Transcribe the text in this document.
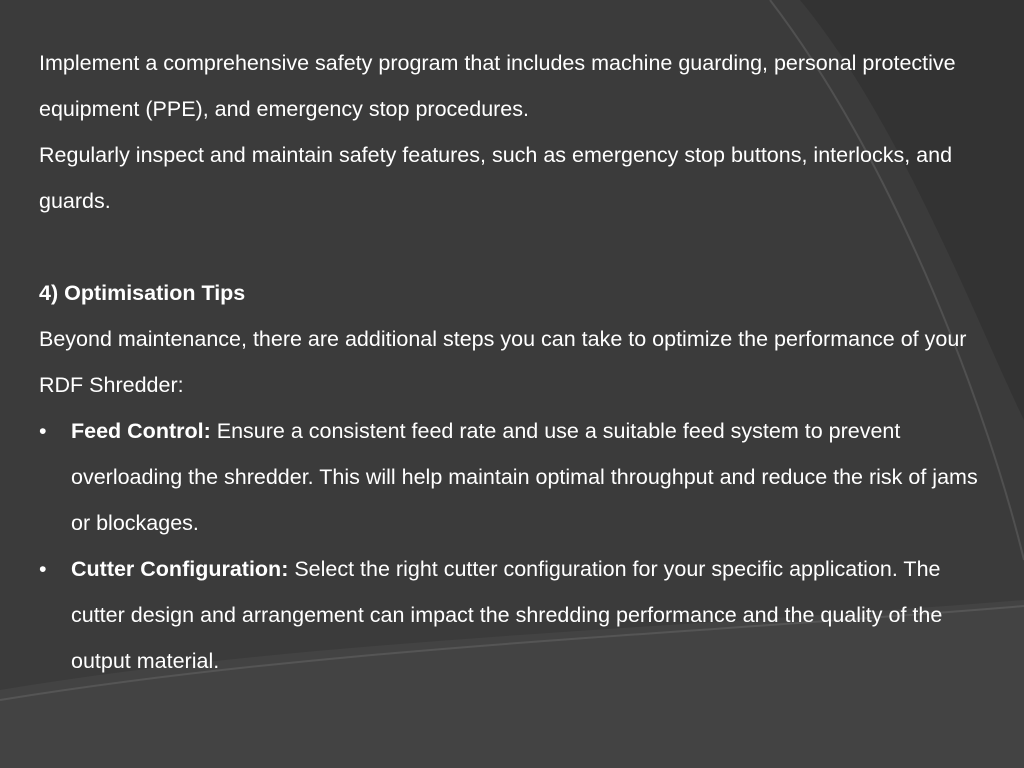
Implement a comprehensive safety program that includes machine guarding, personal protective equipment (PPE), and emergency stop procedures.

Regularly inspect and maintain safety features, such as emergency stop buttons, interlocks, and guards.

4) Optimisation Tips

Beyond maintenance, there are additional steps you can take to optimize the performance of your RDF Shredder:

• Feed Control: Ensure a consistent feed rate and use a suitable feed system to prevent overloading the shredder. This will help maintain optimal throughput and reduce the risk of jams or blockages.
• Cutter Configuration: Select the right cutter configuration for your specific application. The cutter design and arrangement can impact the shredding performance and the quality of the output material.
